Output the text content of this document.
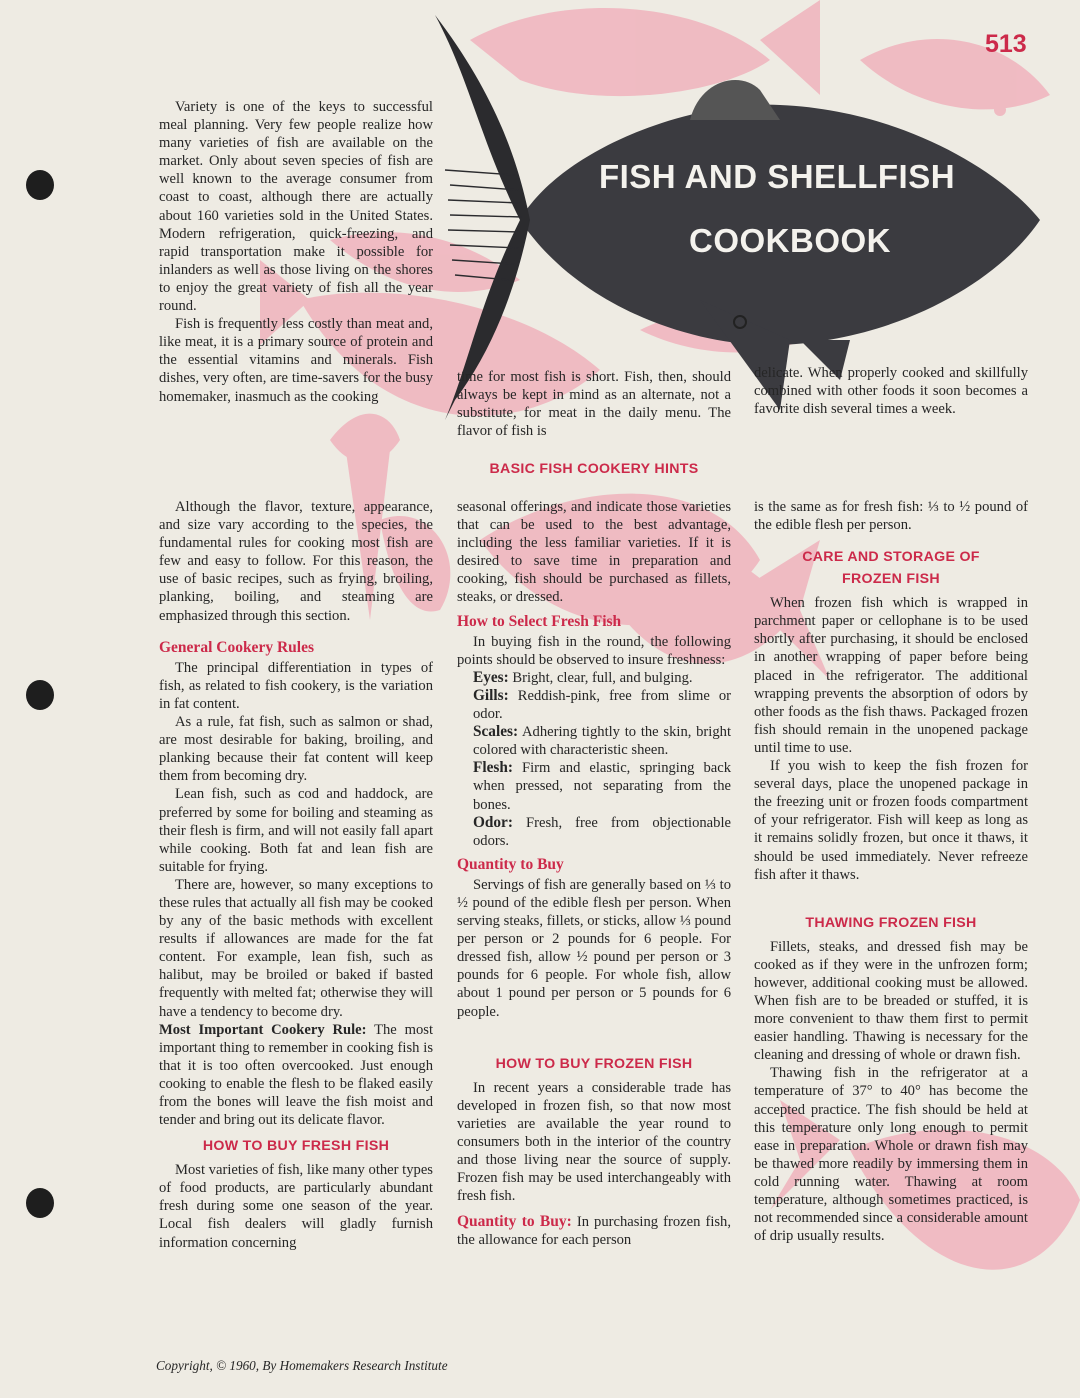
513
FISH AND SHELLFISH
COOKBOOK

Variety is one of the keys to successful meal planning. Very few people realize how many varieties of fish are available on the market. Only about seven species of fish are well known to the average consumer from coast to coast, although there are actually about 160 varieties sold in the United States. Modern refrigeration, quick-freezing, and rapid transportation make it possible for inlanders as well as those living on the shores to enjoy the great variety of fish all the year round.

Fish is frequently less costly than meat and, like meat, it is a primary source of protein and the essential vitamins and minerals. Fish dishes, very often, are time-savers for the busy homemaker, inasmuch as the cooking

time for most fish is short. Fish, then, should always be kept in mind as an alternate, not a substitute, for meat in the daily menu. The flavor of fish is

delicate. When properly cooked and skillfully combined with other foods it soon becomes a favorite dish several times a week.

BASIC FISH COOKERY HINTS

Although the flavor, texture, appearance, and size vary according to the species, the fundamental rules for cooking most fish are few and easy to follow. For this reason, the use of basic recipes, such as frying, broiling, planking, boiling, and steaming are emphasized through this section.

General Cookery Rules

The principal differentiation in types of fish, as related to fish cookery, is the variation in fat content.

As a rule, fat fish, such as salmon or shad, are most desirable for baking, broiling, and planking because their fat content will keep them from becoming dry.

Lean fish, such as cod and haddock, are preferred by some for boiling and steaming as their flesh is firm, and will not easily fall apart while cooking. Both fat and lean fish are suitable for frying.

There are, however, so many exceptions to these rules that actually all fish may be cooked by any of the basic methods with excellent results if allowances are made for the fat content. For example, lean fish, such as halibut, may be broiled or baked if basted frequently with melted fat; otherwise they will have a tendency to become dry.

Most Important Cookery Rule: The most important thing to remember in cooking fish is that it is too often overcooked. Just enough cooking to enable the flesh to be flaked easily from the bones will leave the fish moist and tender and bring out its delicate flavor.

HOW TO BUY FRESH FISH

Most varieties of fish, like many other types of food products, are particularly abundant fresh during some one season of the year. Local fish dealers will gladly furnish information concerning

seasonal offerings, and indicate those varieties that can be used to the best advantage, including the less familiar varieties. If it is desired to save time in preparation and cooking, fish should be purchased as fillets, steaks, or dressed.

How to Select Fresh Fish

In buying fish in the round, the following points should be observed to insure freshness:

Eyes: Bright, clear, full, and bulging.

Gills: Reddish-pink, free from slime or odor.

Scales: Adhering tightly to the skin, bright colored with characteristic sheen.

Flesh: Firm and elastic, springing back when pressed, not separating from the bones.

Odor: Fresh, free from objectionable odors.

Quantity to Buy

Servings of fish are generally based on ⅓ to ½ pound of the edible flesh per person. When serving steaks, fillets, or sticks, allow ⅓ pound per person or 2 pounds for 6 people. For dressed fish, allow ½ pound per person or 3 pounds for 6 people. For whole fish, allow about 1 pound per person or 5 pounds for 6 people.

HOW TO BUY FROZEN FISH

In recent years a considerable trade has developed in frozen fish, so that now most varieties are available the year round to consumers both in the interior of the country and those living near the source of supply. Frozen fish may be used interchangeably with fresh fish.

Quantity to Buy: In purchasing frozen fish, the allowance for each person

is the same as for fresh fish: ⅓ to ½ pound of the edible flesh per person.

CARE AND STORAGE OF
FROZEN FISH

When frozen fish which is wrapped in parchment paper or cellophane is to be used shortly after purchasing, it should be enclosed in another wrapping of paper before being placed in the refrigerator. The additional wrapping prevents the absorption of odors by other foods as the fish thaws. Packaged frozen fish should remain in the unopened package until time to use.

If you wish to keep the fish frozen for several days, place the unopened package in the freezing unit or frozen foods compartment of your refrigerator. Fish will keep as long as it remains solidly frozen, but once it thaws, it should be used immediately. Never refreeze fish after it thaws.

THAWING FROZEN FISH

Fillets, steaks, and dressed fish may be cooked as if they were in the unfrozen form; however, additional cooking must be allowed. When fish are to be breaded or stuffed, it is more convenient to thaw them first to permit easier handling. Thawing is necessary for the cleaning and dressing of whole or drawn fish.

Thawing fish in the refrigerator at a temperature of 37° to 40° has become the accepted practice. The fish should be held at this temperature only long enough to permit ease in preparation. Whole or drawn fish may be thawed more readily by immersing them in cold running water. Thawing at room temperature, although sometimes practiced, is not recommended since a considerable amount of drip usually results.

Copyright, © 1960, By Homemakers Research Institute
